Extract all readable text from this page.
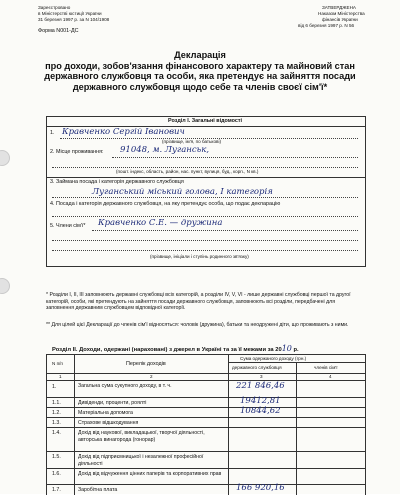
Зареєстровано
в Міністерстві юстиції України
31 березня 1997 р. за N 104/1908
Форма N001-ДС
ЗАТВЕРДЖЕНА
Наказом Міністерства
фінансів України
від 6 березня 1997 р. N 56
Декларація
про доходи, зобов'язання фінансового характеру та майновий стан
державного службовця та особи, яка претендує на зайняття посади
державного службовця щодо себе та членів своєї сім'ї*
Розділ І. Загальні відомості
1. Кравченко Сергій Іванович
(прізвище, ім'я, по батькові)
2. Місце проживання: 91048, м. Луганськ,
(пошт. індекс, область, район, нас. пункт, вулиця, буд., корп., N кв.)
3. Займана посада і категорія державного службовця
Луганський міський голова, І категорія
4. Посада і категорія державного службовця, на яку претендує особа, що подає декларацію
5. Члени сім'ї* Кравченко С.Е. — дружина
(прізвище, ініціали і ступінь родинного зв'язку)
* Розділи І, ІІ, ІІІ заповнюють державні службовці всіх категорій, а розділи IV, V, VI - лише державні службовці першої та другої категорій, особи, які претендують на зайняття посади державного службовця, заповнюють всі розділи, передбачені для заповнення державним службовцем відповідної категорії.
** Для цілей цієї Декларації до членів сім'ї відносяться: чоловік (дружина), батьки та неодружені діти, що проживають з ними.
Розділ ІІ. Доходи, одержані (нараховані) з джерел в Україні та за її межами за 2010 р.
N п/п	Перелік доходів
Сума одержаного доходу (грн.)
державного службовця	членів сім'ї
1	2	3	4
1.	Загальна сума сукупного доходу, в т. ч.	221 846,46
1.1.	Дивіденди, проценти, роялті	19412,81
1.2.	Матеріальна допомога	10844,62
1.3.	Страхове відшкодування
1.4.	Дохід від наукової, викладацької, творчої діяльності, авторська винагорода (гонорар)
1.5.	Дохід від підприємницької і незалежної професійної діяльності
1.6.	Дохід від відчуження цінних паперів та корпоративних прав
1.7.	Заробітна плата	166 920,16
